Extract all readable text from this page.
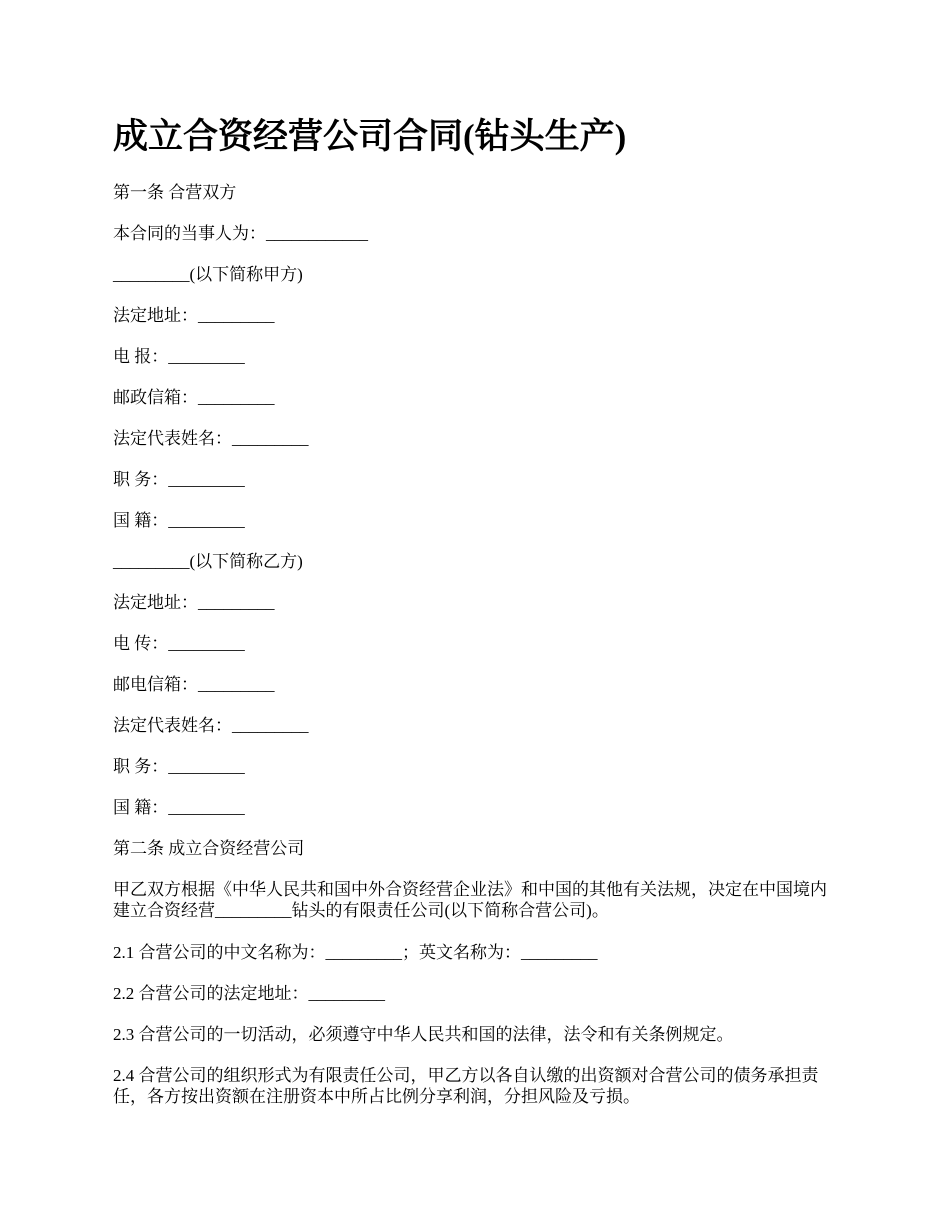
成立合资经营公司合同(钻头生产)

第一条 合营双方

本合同的当事人为：____________

_________(以下简称甲方)

法定地址：_________

电 报：_________

邮政信箱：_________

法定代表姓名：_________

职 务：_________

国 籍：_________

_________(以下简称乙方)

法定地址：_________

电 传：_________

邮电信箱：_________

法定代表姓名：_________

职 务：_________

国 籍：_________

第二条 成立合资经营公司

甲乙双方根据《中华人民共和国中外合资经营企业法》和中国的其他有关法规，决定在中国境内建立合资经营_________钻头的有限责任公司(以下简称合营公司)。

2.1 合营公司的中文名称为：_________；英文名称为：_________

2.2 合营公司的法定地址：_________

2.3 合营公司的一切活动，必须遵守中华人民共和国的法律，法令和有关条例规定。

2.4 合营公司的组织形式为有限责任公司，甲乙方以各自认缴的出资额对合营公司的债务承担责任，各方按出资额在注册资本中所占比例分享利润，分担风险及亏损。
